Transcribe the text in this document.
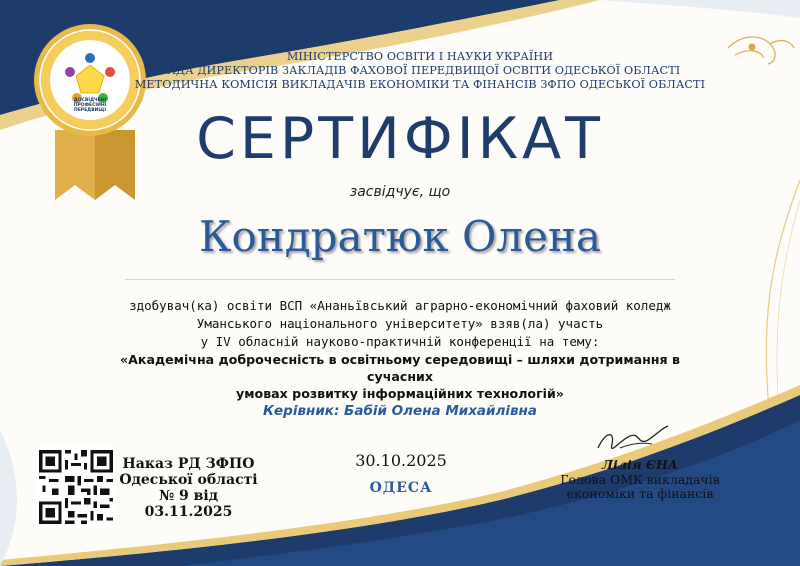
ДОСВІДЧЕНІ ПРОФЕСІЙНІ ПЕРЕДВИЩІ
МІНІСТЕРСТВО ОСВІТИ І НАУКИ УКРАЇНИ
РАДА ДИРЕКТОРІВ ЗАКЛАДІВ ФАХОВОЇ ПЕРЕДВИЩОЇ ОСВІТИ ОДЕСЬКОЇ ОБЛАСТІ
МЕТОДИЧНА КОМІСІЯ ВИКЛАДАЧІВ ЕКОНОМІКИ ТА ФІНАНСІВ ЗФПО ОДЕСЬКОЇ ОБЛАСТІ
СЕРТИФІКАТ
засвідчує, що
Кондратюк Олена
здобувач(ка) освіти ВСП «Ананьївський аграрно-економічний фаховий коледж
Уманського національного університету» взяв(ла) участь
у IV обласній науково-практичній конференції на тему:
«Академічна доброчесність в освітньому середовищі – шляхи дотримання в
сучасних
умовах розвитку інформаційних технологій»
Керівник: Бабій Олена Михайлівна
Наказ РД ЗФПО
Одеської області
№ 9 від 03.11.2025
30.10.2025
ОДЕСА
Лілія ЄНА
Голова ОМК викладачів
економіки та фінансів
